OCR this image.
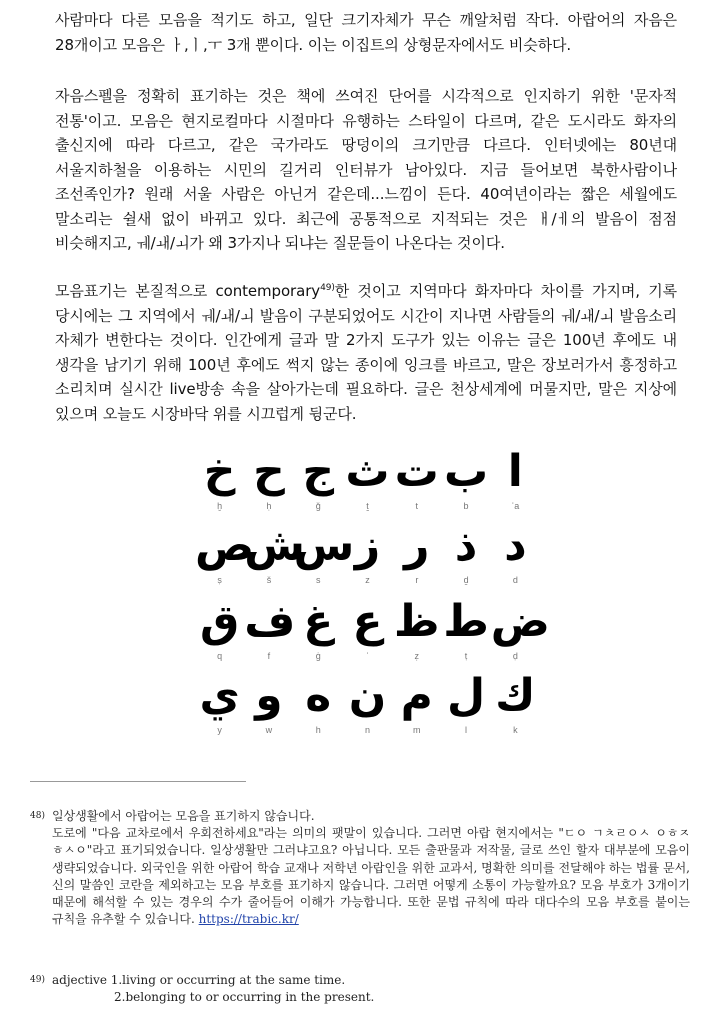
사람마다 다른 모음을 적기도 하고, 일단 크기자체가 무슨 깨알처럼 작다. 아랍어의 자음은 28개이고 모음은 ㅏ,ㅣ,ㅜ 3개 뿐이다. 이는 이집트의 상형문자에서도 비슷하다.

자음스펠을 정확히 표기하는 것은 책에 쓰여진 단어를 시각적으로 인지하기 위한 '문자적 전통'이고. 모음은 현지로컬마다 시절마다 유행하는 스타일이 다르며, 같은 도시라도 화자의 출신지에 따라 다르고, 같은 국가라도 땅덩이의 크기만큼 다르다. 인터넷에는 80년대 서울지하철을 이용하는 시민의 길거리 인터뷰가 남아있다. 지금 들어보면 북한사람이나 조선족인가? 원래 서울 사람은 아닌거 같은데...느낌이 든다. 40여년이라는 짧은 세월에도 말소리는 쉴새 없이 바뀌고 있다. 최근에 공통적으로 지적되는 것은 ㅐ/ㅔ의 발음이 점점 비슷해지고, ㅞ/ㅙ/ㅚ가 왜 3가지나 되냐는 질문들이 나온다는 것이다.

모음표기는 본질적으로 contemporary$^{49)}$한 것이고 지역마다 화자마다 차이를 가지며, 기록 당시에는 그 지역에서 ㅞ/ㅙ/ㅚ 발음이 구분되었어도 시간이 지나면 사람들의 ㅞ/ㅙ/ㅚ 발음소리 자체가 변한다는 것이다. 인간에게 글과 말 2가지 도구가 있는 이유는 글은 100년 후에도 내 생각을 남기기 위해 100년 후에도 썩지 않는 종이에 잉크를 바르고, 말은 장보러가서 흥정하고 소리치며 실시간 live방송 속을 살아가는데 필요하다. 글은 천상세계에 머물지만, 말은 지상에 있으며 오늘도 시장바닥 위를 시끄럽게 뒹군다.

خ
ḫ
ح
ḥ
ج
ǧ
ث
ṯ
ت
t
ب
b
ا
ʾa
ص
ṣ
ش
š
س
s
ز
z
ر
r
ذ
ḏ
د
d
ق
q
ف
f
غ
ġ
ع
ʿ
ظ
ẓ
ط
ṭ
ض
ḍ
ي
y
و
w
ه
h
ن
n
م
m
ل
l
ك
k
48) 일상생활에서 아랍어는 모음을 표기하지 않습니다.
도로에 "다음 교차로에서 우회전하세요"라는 의미의 팻말이 있습니다. 그러면 아랍 현지에서는 "ㄷㅇ ㄱㅊㄹㅇㅅ ㅇㅎㅈ ㅎㅅㅇ"라고 표기되었습니다. 일상생활만 그러냐고요? 아닙니다. 모든 출판물과 저작물, 글로 쓰인 할자 대부분에 모음이 생략되었습니다. 외국인을 위한 아랍어 학습 교재나 저학년 아랍인을 위한 교과서, 명확한 의미를 전달해야 하는 법률 문서, 신의 말씀인 코란을 제외하고는 모음 부호를 표기하지 않습니다. 그러면 어떻게 소통이 가능할까요? 모음 부호가 3개이기 때문에 해석할 수 있는 경우의 수가 줄어들어 이해가 가능합니다. 또한 문법 규칙에 따라 대다수의 모음 부호를 붙이는 규칙을 유추할 수 있습니다. https://trabic.kr/
49) adjective 1.living or occurring at the same time.
2.belonging to or occurring in the present.
